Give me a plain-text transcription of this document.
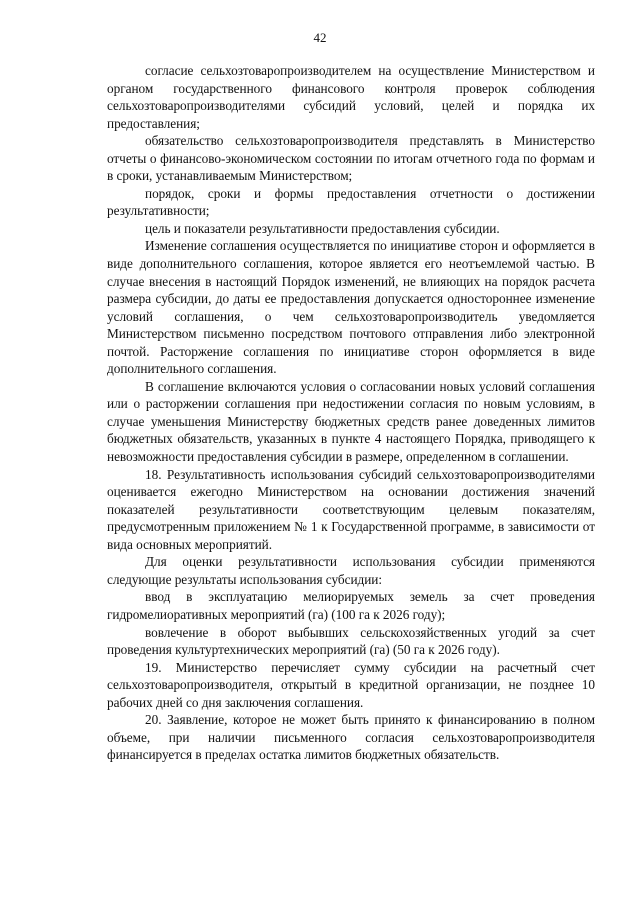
42

согласие сельхозтоваропроизводителем на осуществление Министерством и органом государственного финансового контроля проверок соблюдения сельхозтоваропроизводителями субсидий условий, целей и порядка их предоставления;

обязательство сельхозтоваропроизводителя представлять в Министерство отчеты о финансово-экономическом состоянии по итогам отчетного года по формам и в сроки, устанавливаемым Министерством;

порядок, сроки и формы предоставления отчетности о достижении результативности;

цель и показатели результативности предоставления субсидии.

Изменение соглашения осуществляется по инициативе сторон и оформляется в виде дополнительного соглашения, которое является его неотъемлемой частью. В случае внесения в настоящий Порядок изменений, не влияющих на порядок расчета размера субсидии, до даты ее предоставления допускается одностороннее изменение условий соглашения, о чем сельхозтоваропроизводитель уведомляется Министерством письменно посредством почтового отправления либо электронной почтой. Расторжение соглашения по инициативе сторон оформляется в виде дополнительного соглашения.

В соглашение включаются условия о согласовании новых условий соглашения или о расторжении соглашения при недостижении согласия по новым условиям, в случае уменьшения Министерству бюджетных средств ранее доведенных лимитов бюджетных обязательств, указанных в пункте 4 настоящего Порядка, приводящего к невозможности предоставления субсидии в размере, определенном в соглашении.

18. Результативность использования субсидий сельхозтоваропроизводителями оценивается ежегодно Министерством на основании достижения значений показателей результативности соответствующим целевым показателям, предусмотренным приложением № 1 к Государственной программе, в зависимости от вида основных мероприятий.

Для оценки результативности использования субсидии применяются следующие результаты использования субсидии:

ввод в эксплуатацию мелиорируемых земель за счет проведения гидромелиоративных мероприятий (га) (100 га к 2026 году);

вовлечение в оборот выбывших сельскохозяйственных угодий за счет проведения культуртехнических мероприятий (га) (50 га к 2026 году).

19. Министерство перечисляет сумму субсидии на расчетный счет сельхозтоваропроизводителя, открытый в кредитной организации, не позднее 10 рабочих дней со дня заключения соглашения.

20. Заявление, которое не может быть принято к финансированию в полном объеме, при наличии письменного согласия сельхозтоваропроизводителя финансируется в пределах остатка лимитов бюджетных обязательств.
